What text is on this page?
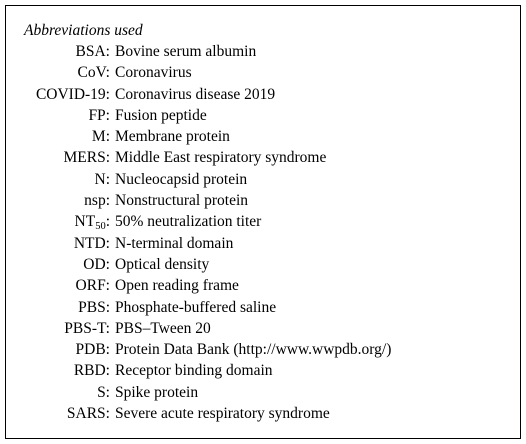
Abbreviations used
BSA: Bovine serum albumin
CoV: Coronavirus
COVID-19: Coronavirus disease 2019
FP: Fusion peptide
M: Membrane protein
MERS: Middle East respiratory syndrome
N: Nucleocapsid protein
nsp: Nonstructural protein
$NT_{50}$: 50% neutralization titer
NTD: N-terminal domain
OD: Optical density
ORF: Open reading frame
PBS: Phosphate-buffered saline
PBS-T: PBS–Tween 20
PDB: Protein Data Bank (http://www.wwpdb.org/)
RBD: Receptor binding domain
S: Spike protein
SARS: Severe acute respiratory syndrome
